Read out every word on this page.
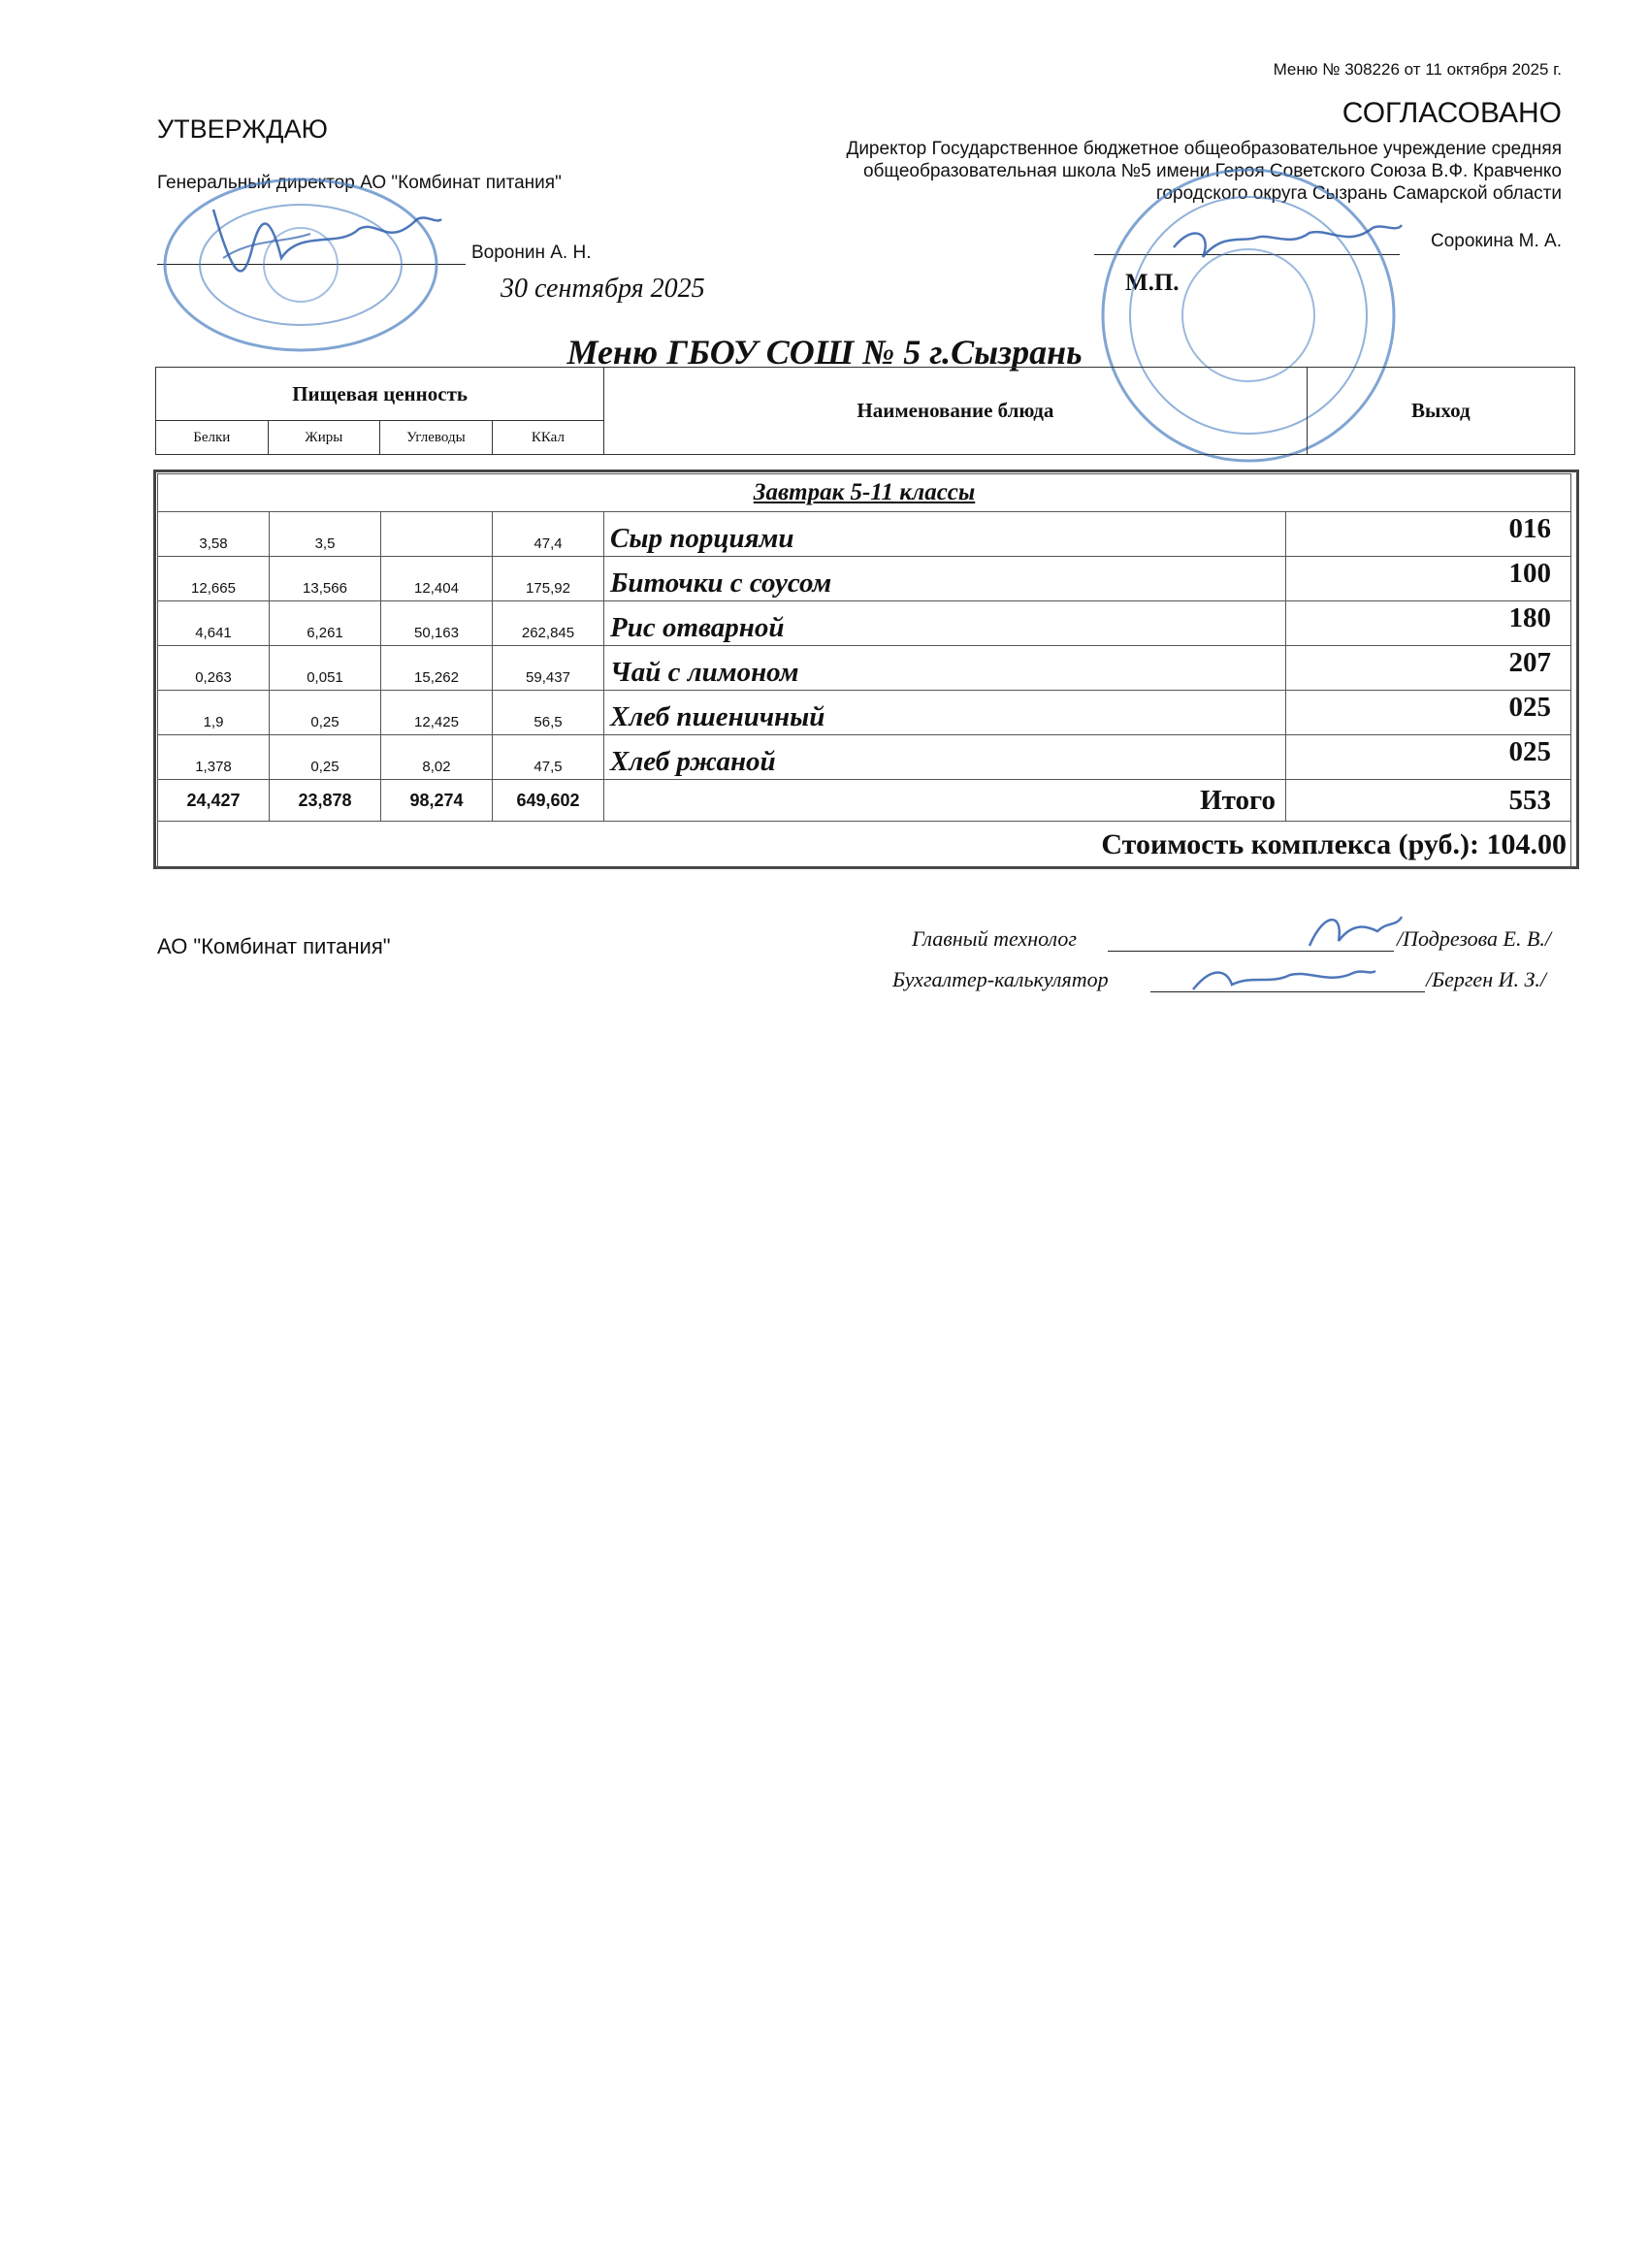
Меню № 308226 от 11 октября 2025 г.
УТВЕРЖДАЮ
Генеральный директор АО "Комбинат питания"
Воронин А. Н.
30 сентября 2025
СОГЛАСОВАНО
Директор Государственное бюджетное общеобразовательное учреждение средняя
общеобразовательная школа №5 имени Героя Советского Союза В.Ф. Кравченко
городского округа Сызрань Самарской области
Сорокина М. А.
М.П.
Меню ГБОУ СОШ № 5 г.Сызрань
Пищевая ценность				Наименование блюда	Выход
Белки	Жиры	Углеводы	ККал		
Завтрак 5-11 классы					
3,58	3,5		47,4	Сыр порциями	016
12,665	13,566	12,404	175,92	Биточки с соусом	100
4,641	6,261	50,163	262,845	Рис отварной	180
0,263	0,051	15,262	59,437	Чай с лимоном	207
1,9	0,25	12,425	56,5	Хлеб пшеничный	025
1,378	0,25	8,02	47,5	Хлеб ржаной	025
24,427	23,878	98,274	649,602	Итого	553
Стоимость комплекса (руб.): 104.00					
АО "Комбинат питания"	Главный технолог	/Подрезова Е. В./
Бухгалтер-калькулятор	/Берген И. З./
